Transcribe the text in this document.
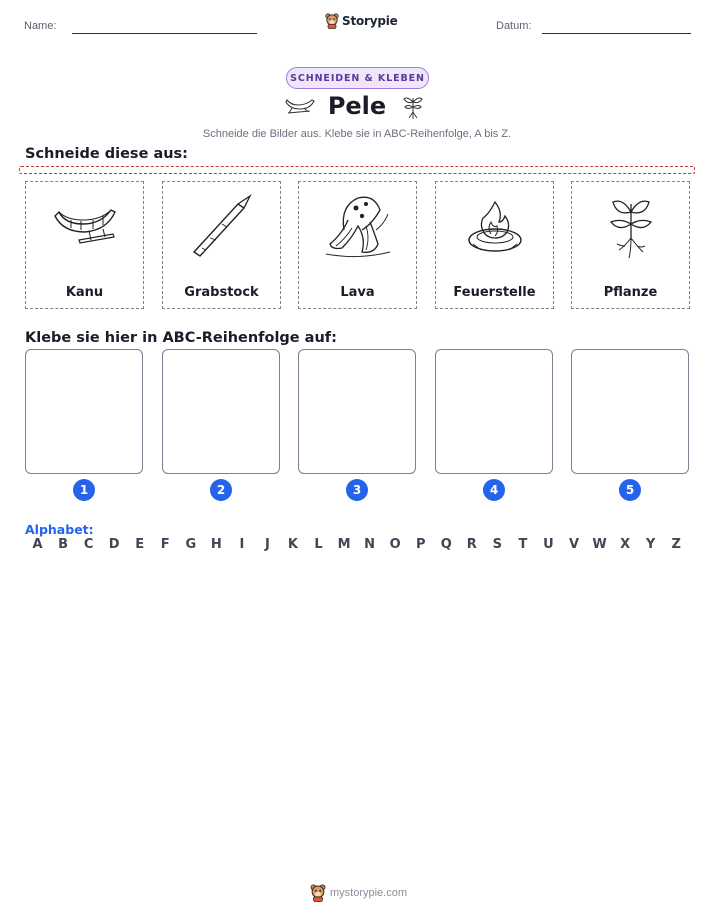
Name:	Storypie	Datum:
SCHNEIDEN & KLEBEN
Pele
Schneide die Bilder aus. Klebe sie in ABC-Reihenfolge, A bis Z.
Schneide diese aus:
Kanu	Grabstock	Lava	Feuerstelle	Pflanze
Klebe sie hier in ABC-Reihenfolge auf:
1	2	3	4	5
Alphabet:
A	B	C	D	E	F	G	H	I	J	K	L	M	N	O	P	Q	R	S	T	U	V	W	X	Y	Z
mystorypie.com
